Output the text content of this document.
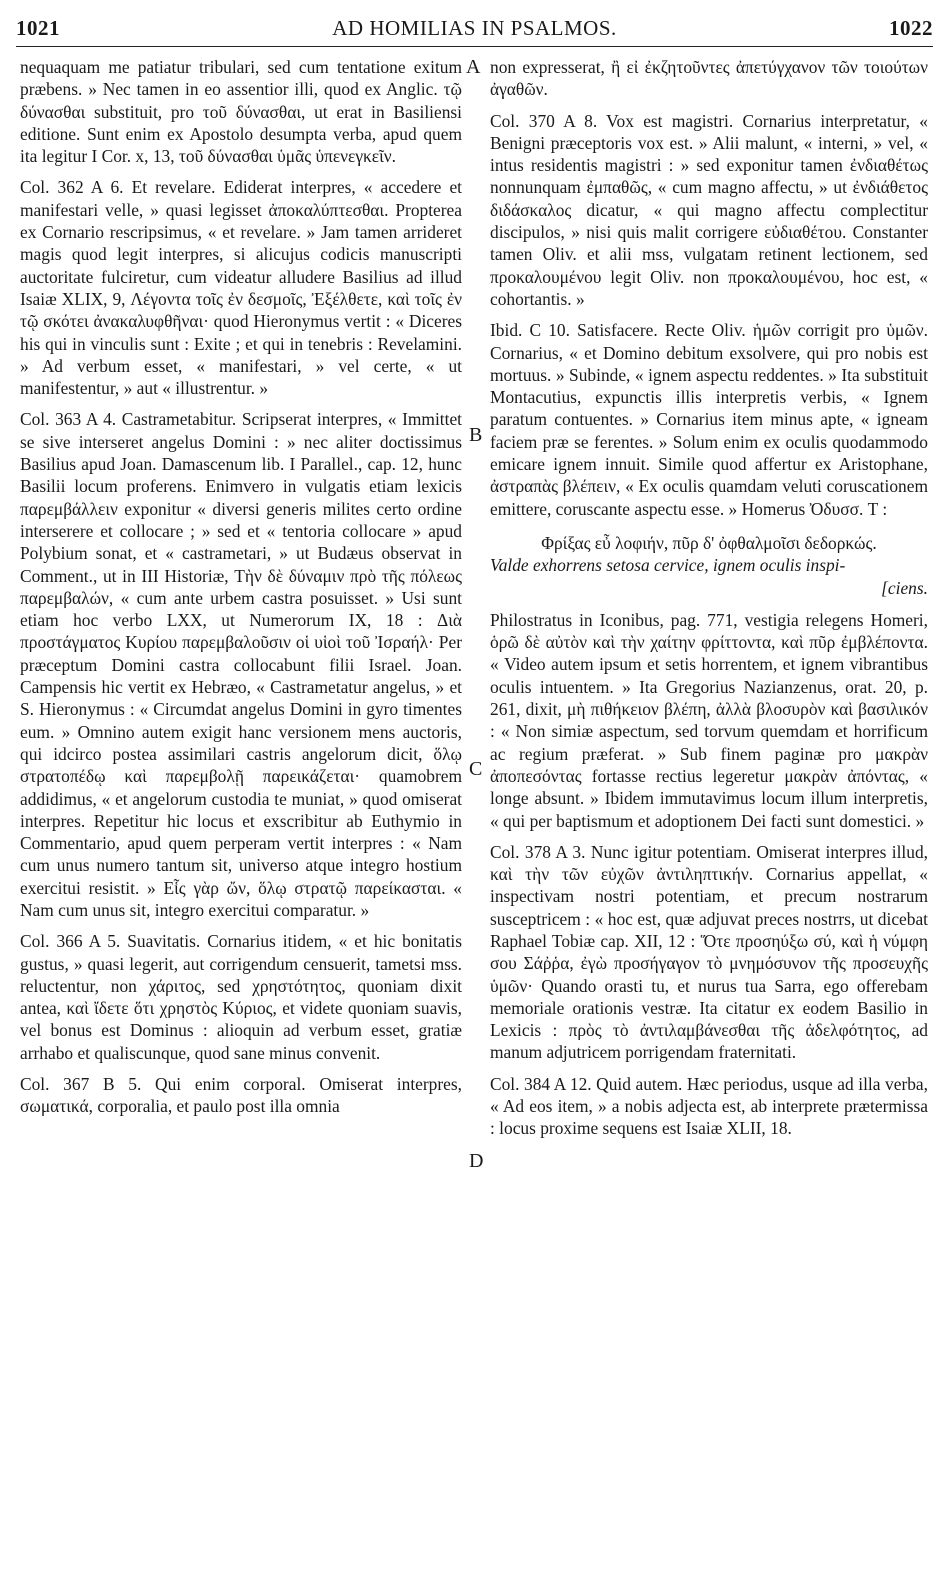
1021	AD HOMILIAS IN PSALMOS.	1022
A
B
C
D

nequaquam me patiatur tribulari, sed cum tentatione exitum præbens. » Nec tamen in eo assentior illi, quod ex Anglic. τῷ δύνασθαι substituit, pro τοῦ δύνασθαι, ut erat in Basiliensi editione. Sunt enim ex Apostolo desumpta verba, apud quem ita legitur I Cor. x, 13, τοῦ δύνασθαι ὑμᾶς ὑπενεγκεῖν.

Col. 362 A 6. Et revelare. Ediderat interpres, « accedere et manifestari velle, » quasi legisset ἀποκαλύπτεσθαι. Propterea ex Cornario rescripsimus, « et revelare. » Jam tamen arrideret magis quod legit interpres, si alicujus codicis manuscripti auctoritate fulciretur, cum videatur alludere Basilius ad illud Isaiæ XLIX, 9, Λέγοντα τοῖς ἐν δεσμοῖς, Ἐξέλθετε, καὶ τοῖς ἐν τῷ σκότει ἀνακαλυφθῆναι· quod Hieronymus vertit : « Diceres his qui in vinculis sunt : Exite ; et qui in tenebris : Revelamini. » Ad verbum esset, « manifestari, » vel certe, « ut manifestentur, » aut « illustrentur. »

Col. 363 A 4. Castrametabitur. Scripserat interpres, « Immittet se sive interseret angelus Domini : » nec aliter doctissimus Basilius apud Joan. Damascenum lib. I Parallel., cap. 12, hunc Basilii locum proferens. Enimvero in vulgatis etiam lexicis παρεμβάλλειν exponitur « diversi generis milites certo ordine interserere et collocare ; » sed et « tentoria collocare » apud Polybium sonat, et « castrametari, » ut Budæus observat in Comment., ut in III Historiæ, Τὴν δὲ δύναμιν πρὸ τῆς πόλεως παρεμβαλών, « cum ante urbem castra posuisset. » Usi sunt etiam hoc verbo LXX, ut Numerorum IX, 18 : Διὰ προστάγματος Κυρίου παρεμβαλοῦσιν οἱ υἱοὶ τοῦ Ἰσραήλ· Per præceptum Domini castra collocabunt filii Israel. Joan. Campensis hic vertit ex Hebræo, « Castrametatur angelus, » et S. Hieronymus : « Circumdat angelus Domini in gyro timentes eum. » Omnino autem exigit hanc versionem mens auctoris, qui idcirco postea assimilari castris angelorum dicit, ὅλῳ στρατοπέδῳ καὶ παρεμβολῇ παρεικάζεται· quamobrem addidimus, « et angelorum custodia te muniat, » quod omiserat interpres. Repetitur hic locus et exscribitur ab Euthymio in Commentario, apud quem perperam vertit interpres : « Nam cum unus numero tantum sit, universo atque integro hostium exercitui resistit. » Εἷς γὰρ ὤν, ὅλῳ στρατῷ παρείκασται. « Nam cum unus sit, integro exercitui comparatur. »

Col. 366 A 5. Suavitatis. Cornarius itidem, « et hic bonitatis gustus, » quasi legerit, aut corrigendum censuerit, tametsi mss. reluctentur, non χάριτος, sed χρηστότητος, quoniam dixit antea, καὶ ἴδετε ὅτι χρηστὸς Κύριος, et videte quoniam suavis, vel bonus est Dominus : alioquin ad verbum esset, gratiæ arrhabo et qualiscunque, quod sane minus convenit.

Col. 367 B 5. Qui enim corporal. Omiserat interpres, σωματικά, corporalia, et paulo post illa omnia

non expresserat, ἢ εἰ ἐκζητοῦντες ἀπετύγχανον τῶν τοιούτων ἀγαθῶν.

Col. 370 A 8. Vox est magistri. Cornarius interpretatur, « Benigni præceptoris vox est. » Alii malunt, « interni, » vel, « intus residentis magistri : » sed exponitur tamen ἐνδιαθέτως nonnunquam ἐμπαθῶς, « cum magno affectu, » ut ἐνδιάθετος διδάσκαλος dicatur, « qui magno affectu complectitur discipulos, » nisi quis malit corrigere εὐδιαθέτου. Constanter tamen Oliv. et alii mss, vulgatam retinent lectionem, sed προκαλουμένου legit Oliv. non προκαλουμένου, hoc est, « cohortantis. »

Ibid. C 10. Satisfacere. Recte Oliv. ἡμῶν corrigit pro ὑμῶν. Cornarius, « et Domino debitum exsolvere, qui pro nobis est mortuus. » Subinde, « ignem aspectu reddentes. » Ita substituit Montacutius, expunctis illis interpretis verbis, « Ignem paratum contuentes. » Cornarius item minus apte, « igneam faciem præ se ferentes. » Solum enim ex oculis quodammodo emicare ignem innuit. Simile quod affertur ex Aristophane, ἀστραπὰς βλέπειν, « Ex oculis quamdam veluti coruscationem emittere, coruscante aspectu esse. » Homerus Ὀδυσσ. T :

Φρίξας εὖ λοφιήν, πῦρ δ' ὀφθαλμοῖσι δεδορκώς.
Valde exhorrens setosa cervice, ignem oculis inspi-
[ciens.

Philostratus in Iconibus, pag. 771, vestigia relegens Homeri, ὁρῶ δὲ αὐτὸν καὶ τὴν χαίτην φρίττοντα, καὶ πῦρ ἐμβλέποντα. « Video autem ipsum et setis horrentem, et ignem vibrantibus oculis intuentem. » Ita Gregorius Nazianzenus, orat. 20, p. 261, dixit, μὴ πιθήκειον βλέπη, ἀλλὰ βλοσυρὸν καὶ βασιλικόν : « Non simiæ aspectum, sed torvum quemdam et horrificum ac regium præferat. » Sub finem paginæ pro μακρὰν ἀποπεσόντας fortasse rectius legeretur μακρὰν ἀπόντας, « longe absunt. » Ibidem immutavimus locum illum interpretis, « qui per baptismum et adoptionem Dei facti sunt domestici. »

Col. 378 A 3. Nunc igitur potentiam. Omiserat interpres illud, καὶ τὴν τῶν εὐχῶν ἀντιληπτικήν. Cornarius appellat, « inspectivam nostri potentiam, et precum nostrarum susceptricem : « hoc est, quæ adjuvat preces nostrrs, ut dicebat Raphael Tobiæ cap. XII, 12 : Ὅτε προσηύξω σύ, καὶ ἡ νύμφη σου Σάῤῥα, ἐγὼ προσήγαγον τὸ μνημόσυνον τῆς προσευχῆς ὑμῶν· Quando orasti tu, et nurus tua Sarra, ego offerebam memoriale orationis vestræ. Ita citatur ex eodem Basilio in Lexicis : πρὸς τὸ ἀντιλαμβάνεσθαι τῆς ἀδελφότητος, ad manum adjutricem porrigendam fraternitati.

Col. 384 A 12. Quid autem. Hæc periodus, usque ad illa verba, « Ad eos item, » a nobis adjecta est, ab interprete prætermissa : locus proxime sequens est Isaiæ XLII, 18.
